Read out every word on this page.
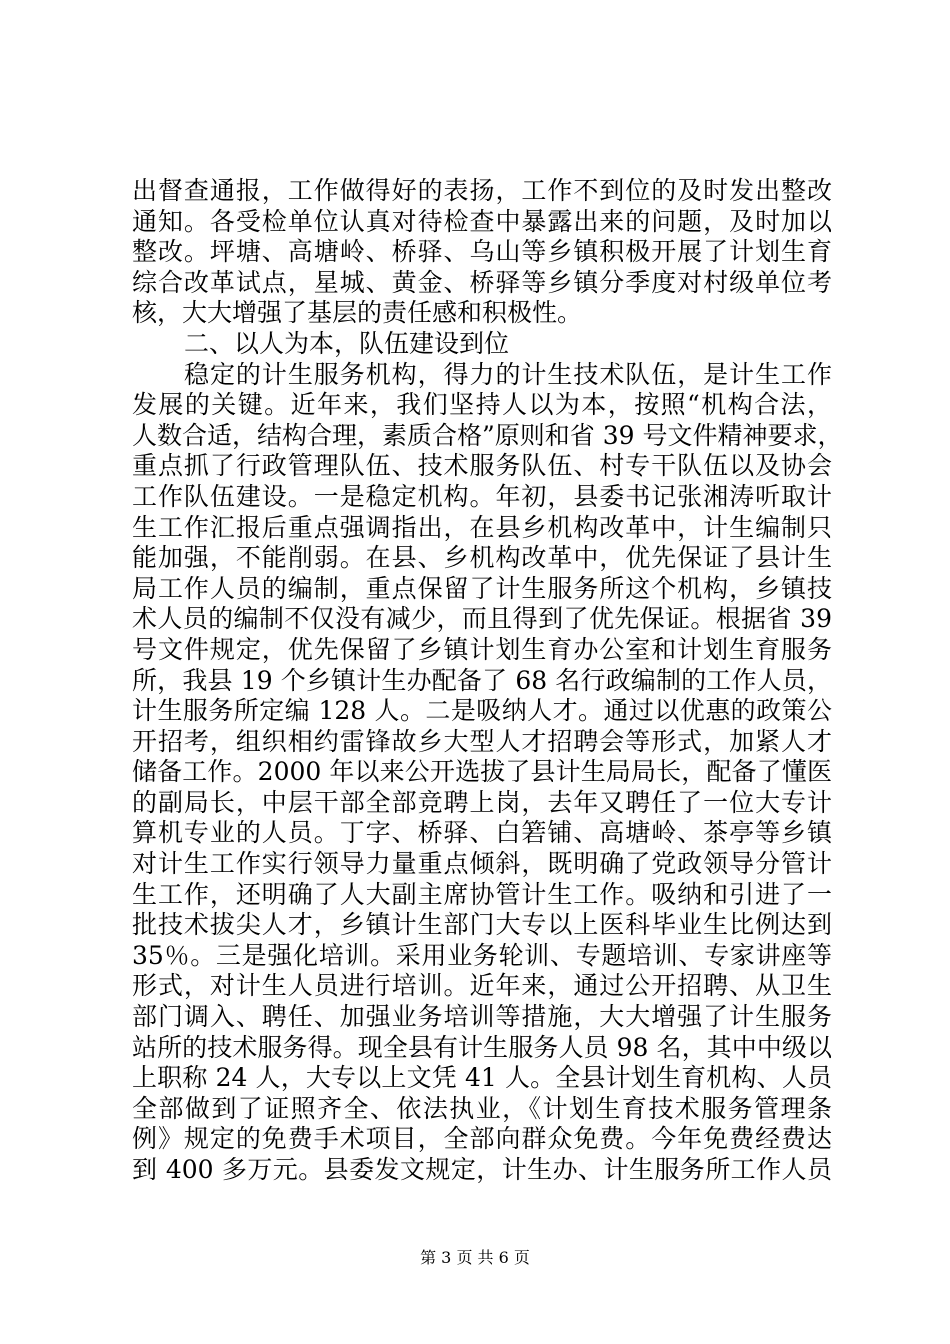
出督查通报，工作做得好的表扬，工作不到位的及时发出整改
通知。各受检单位认真对待检查中暴露出来的问题，及时加以
整改。坪塘、高塘岭、桥驿、乌山等乡镇积极开展了计划生育
综合改革试点，星城、黄金、桥驿等乡镇分季度对村级单位考
核，大大增强了基层的责任感和积极性。
二、以人为本，队伍建设到位
稳定的计生服务机构，得力的计生技术队伍，是计生工作
发展的关键。近年来，我们坚持人以为本，按照“机构合法，
人数合适，结构合理，素质合格”原则和省 39 号文件精神要求，
重点抓了行政管理队伍、技术服务队伍、村专干队伍以及协会
工作队伍建设。一是稳定机构。年初，县委书记张湘涛听取计
生工作汇报后重点强调指出，在县乡机构改革中，计生编制只
能加强，不能削弱。在县、乡机构改革中，优先保证了县计生
局工作人员的编制，重点保留了计生服务所这个机构，乡镇技
术人员的编制不仅没有减少，而且得到了优先保证。根据省 39
号文件规定，优先保留了乡镇计划生育办公室和计划生育服务
所，我县 19 个乡镇计生办配备了 68 名行政编制的工作人员，
计生服务所定编 128 人。二是吸纳人才。通过以优惠的政策公
开招考，组织相约雷锋故乡大型人才招聘会等形式，加紧人才
储备工作。2000 年以来公开选拔了县计生局局长，配备了懂医
的副局长，中层干部全部竞聘上岗，去年又聘任了一位大专计
算机专业的人员。丁字、桥驿、白箬铺、高塘岭、茶亭等乡镇
对计生工作实行领导力量重点倾斜，既明确了党政领导分管计
生工作，还明确了人大副主席协管计生工作。吸纳和引进了一
批技术拔尖人才，乡镇计生部门大专以上医科毕业生比例达到
35％。三是强化培训。采用业务轮训、专题培训、专家讲座等
形式，对计生人员进行培训。近年来，通过公开招聘、从卫生
部门调入、聘任、加强业务培训等措施，大大增强了计生服务
站所的技术服务得。现全县有计生服务人员 98 名，其中中级以
上职称 24 人，大专以上文凭 41 人。全县计划生育机构、人员
全部做到了证照齐全、依法执业，《计划生育技术服务管理条
例》规定的免费手术项目，全部向群众免费。今年免费经费达
到 400 多万元。县委发文规定，计生办、计生服务所工作人员
第 3 页 共 6 页
